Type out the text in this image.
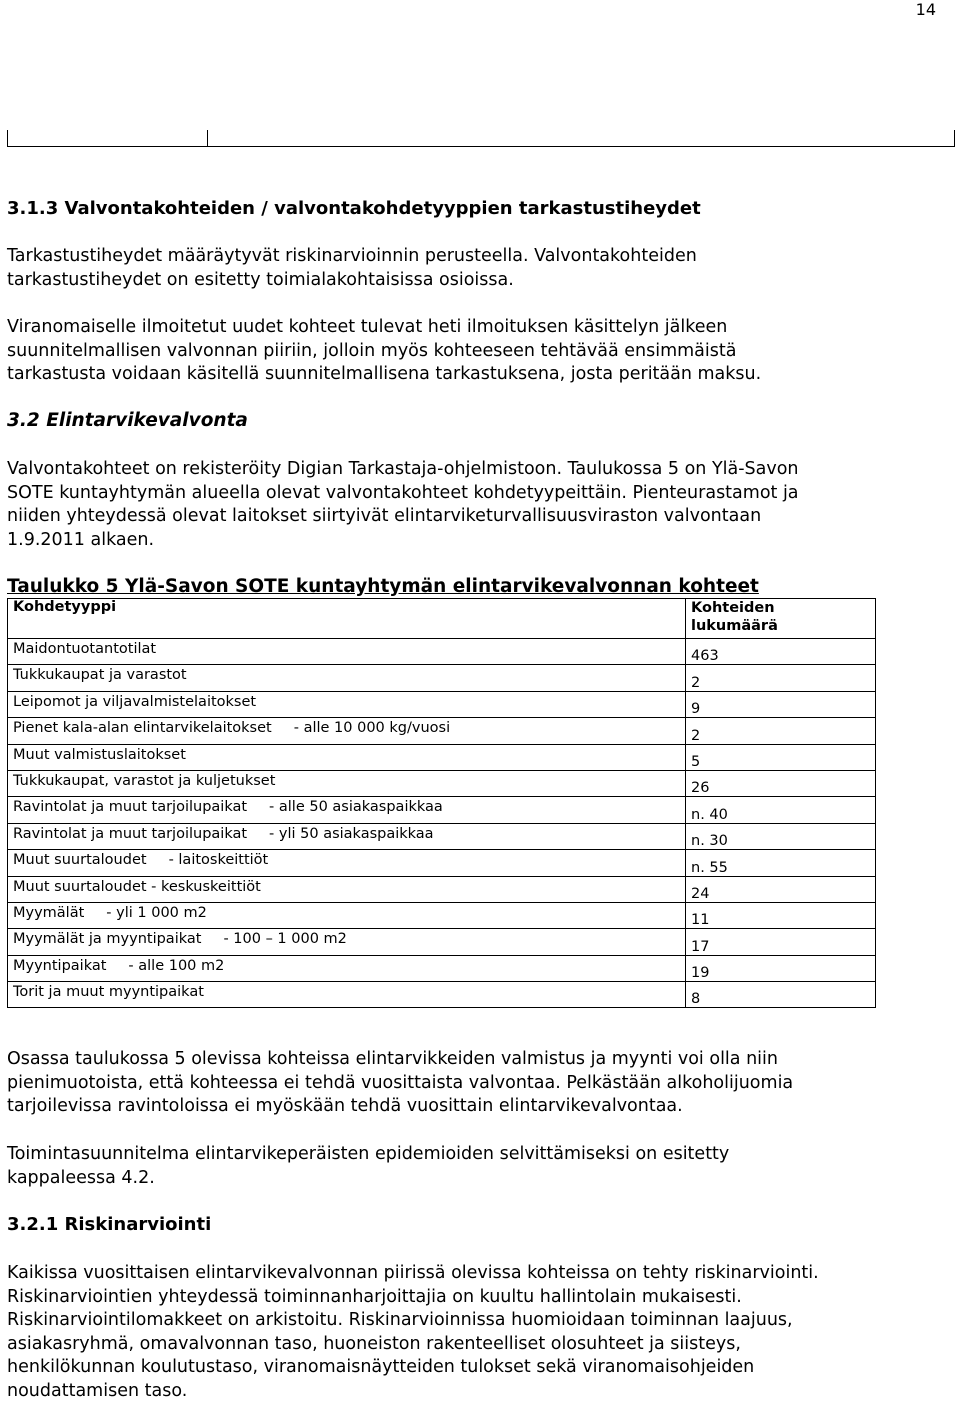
14
3.1.3 Valvontakohteiden / valvontakohdetyyppien tarkastustiheydet
Tarkastustiheydet määräytyvät riskinarvioinnin perusteella. Valvontakohteiden
tarkastustiheydet on esitetty toimialakohtaisissa osioissa.
Viranomaiselle ilmoitetut uudet kohteet tulevat heti ilmoituksen käsittelyn jälkeen
suunnitelmallisen valvonnan piiriin, jolloin myös kohteeseen tehtävää ensimmäistä
tarkastusta voidaan käsitellä suunnitelmallisena tarkastuksena, josta peritään maksu.
3.2 Elintarvikevalvonta
Valvontakohteet on rekisteröity Digian Tarkastaja-ohjelmistoon. Taulukossa 5 on Ylä-Savon
SOTE kuntayhtymän alueella olevat valvontakohteet kohdetyypeittäin. Pienteurastamot ja
niiden yhteydessä olevat laitokset siirtyivät elintarviketurvallisuusviraston valvontaan
1.9.2011 alkaen.
Taulukko 5 Ylä-Savon SOTE kuntayhtymän elintarvikevalvonnan kohteet
Kohdetyyppi	Kohteiden
lukumäärä

Maidontuotantotilat	463
Tukkukaupat ja varastot	2
Leipomot ja viljavalmistelaitokset	9
Pienet kala-alan elintarvikelaitokset - alle 10 000 kg/vuosi	2
Muut valmistuslaitokset	5
Tukkukaupat, varastot ja kuljetukset	26
Ravintolat ja muut tarjoilupaikat - alle 50 asiakaspaikkaa	n. 40
Ravintolat ja muut tarjoilupaikat - yli 50 asiakaspaikkaa	n. 30
Muut suurtaloudet - laitoskeittiöt	n. 55
Muut suurtaloudet - keskuskeittiöt	24
Myymälät - yli 1 000 m2	11
Myymälät ja myyntipaikat - 100 – 1 000 m2	17
Myyntipaikat - alle 100 m2	19
Torit ja muut myyntipaikat	8
Osassa taulukossa 5 olevissa kohteissa elintarvikkeiden valmistus ja myynti voi olla niin
pienimuotoista, että kohteessa ei tehdä vuosittaista valvontaa. Pelkästään alkoholijuomia
tarjoilevissa ravintoloissa ei myöskään tehdä vuosittain elintarvikevalvontaa.
Toimintasuunnitelma elintarvikeperäisten epidemioiden selvittämiseksi on esitetty
kappaleessa 4.2.
3.2.1 Riskinarviointi
Kaikissa vuosittaisen elintarvikevalvonnan piirissä olevissa kohteissa on tehty riskinarviointi.
Riskinarviointien yhteydessä toiminnanharjoittajia on kuultu hallintolain mukaisesti.
Riskinarviointilomakkeet on arkistoitu. Riskinarvioinnissa huomioidaan toiminnan laajuus,
asiakasryhmä, omavalvonnan taso, huoneiston rakenteelliset olosuhteet ja siisteys,
henkilökunnan koulutustaso, viranomaisnäytteiden tulokset sekä viranomaisohjeiden
noudattamisen taso.
